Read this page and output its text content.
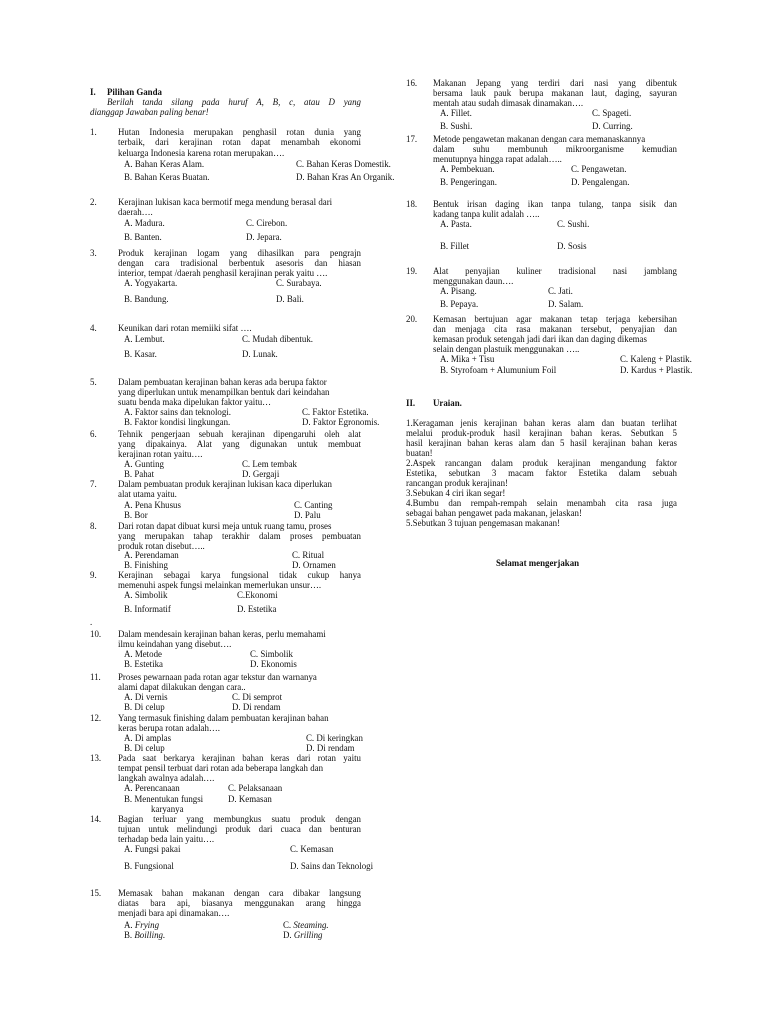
I. Pilihan Ganda
Berilah tanda silang pada huruf A, B, c, atau D yang
dianggap Jawaban paling benar!
1. Hutan Indonesia merupakan penghasil rotan dunia yang
terbaik, dari kerajinan rotan dapat menambah ekonomi
keluarga Indonesia karena rotan merupakan….
A. Bahan Keras Alam.	C. Bahan Keras Domestik.
B. Bahan Keras Buatan.	D. Bahan Kras An Organik.
2. Kerajinan lukisan kaca bermotif mega mendung berasal dari
daerah….
A. Madura.	C. Cirebon.
B. Banten.	D. Jepara.
3. Produk kerajinan logam yang dihasilkan para pengrajn
dengan cara tradisional berbentuk asesoris dan hiasan
interior, tempat /daerah penghasil kerajinan perak yaitu ….
A. Yogyakarta.	C. Surabaya.
B. Bandung.	D. Bali.
4. Keunikan dari rotan memiiki sifat ….
A. Lembut.	C. Mudah dibentuk.
B. Kasar.	D. Lunak.
5. Dalam pembuatan kerajinan bahan keras ada berupa faktor
yang diperlukan untuk menampilkan bentuk dari keindahan
suatu benda maka dipelukan faktor yaitu…
A. Faktor sains dan teknologi.	C. Faktor Estetika.
B. Faktor kondisi lingkungan.	D. Faktor Egronomis.
6. Tehnik pengerjaan sebuah kerajinan dipengaruhi oleh alat
yang dipakainya. Alat yang digunakan untuk membuat
kerajinan rotan yaitu….
A. Gunting	C. Lem tembak
B. Pahat	D. Gergaji
7. Dalam pembuatan produk kerajinan lukisan kaca diperlukan
alat utama yaitu.
A. Pena Khusus	C. Canting
B. Bor	D. Palu
8. Dari rotan dapat dibuat kursi meja untuk ruang tamu, proses
yang merupakan tahap terakhir dalam proses pembuatan
produk rotan disebut…..
A. Perendaman	C. Ritual
B. Finishing	D. Ornamen
9. Kerajinan sebagai karya fungsional tidak cukup hanya
memenuhi aspek fungsi melainkan memerlukan unsur….
A. Simbolik	C.Ekonomi
B. Informatif	D. Estetika
.
10. Dalam mendesain kerajinan bahan keras, perlu memahami
ilmu keindahan yang disebut….
A. Metode	C. Simbolik
B. Estetika	D. Ekonomis
11. Proses pewarnaan pada rotan agar tekstur dan warnanya
alami dapat dilakukan dengan cara..
A. Di vernis	C. Di semprot
B. Di celup	D. Di rendam
12. Yang termasuk finishing dalam pembuatan kerajinan bahan
keras berupa rotan adalah….
A. Di amplas	C. Di keringkan
B. Di celup	D. Di rendam
13. Pada saat berkarya kerajinan bahan keras dari rotan yaitu
tempat pensil terbuat dari rotan ada beberapa langkah dan
langkah awalnya adalah….
A. Perencanaan	C. Pelaksanaan
B. Menentukan fungsi	D. Kemasan
karyanya
14. Bagian terluar yang membungkus suatu produk dengan
tujuan untuk melindungi produk dari cuaca dan benturan
terhadap beda lain yaitu….
A. Fungsi pakai	C. Kemasan
B. Fungsional	D. Sains dan Teknologi
15. Memasak bahan makanan dengan cara dibakar langsung
diatas bara api, biasanya menggunakan arang hingga
menjadi bara api dinamakan….
A. Frying	C. Steaming.
B. Boilling.	D. Grilling
16. Makanan Jepang yang terdiri dari nasi yang dibentuk
bersama lauk pauk berupa makanan laut, daging, sayuran
mentah atau sudah dimasak dinamakan….
A. Fillet.	C. Spageti.
B. Sushi.	D. Curring.
17. Metode pengawetan makanan dengan cara memanaskannya
dalam suhu membunuh mikroorganisme kemudian
menutupnya hingga rapat adalah…..
A. Pembekuan.	C. Pengawetan.
B. Pengeringan.	D. Pengalengan.
18. Bentuk irisan daging ikan tanpa tulang, tanpa sisik dan
kadang tanpa kulit adalah …..
A. Pasta.	C. Sushi.
B. Fillet	D. Sosis
19. Alat penyajian kuliner tradisional nasi jamblang
menggunakan daun….
A. Pisang.	C. Jati.
B. Pepaya.	D. Salam.
20. Kemasan bertujuan agar makanan tetap terjaga kebersihan
dan menjaga cita rasa makanan tersebut, penyajian dan
kemasan produk setengah jadi dari ikan dan daging dikemas
selain dengan plastuik menggunakan …..
A. Mika + Tisu	C. Kaleng + Plastik.
B. Styrofoam + Alumunium Foil	D. Kardus + Plastik.
II. Uraian.
1.Keragaman jenis kerajinan bahan keras alam dan buatan terlihat
melalui produk-produk hasil kerajinan bahan keras. Sebutkan 5
hasil kerajinan bahan keras alam dan 5 hasil kerajinan bahan keras
buatan!
2.Aspek rancangan dalam produk kerajinan mengandung faktor
Estetika, sebutkan 3 macam faktor Estetika dalam sebuah
rancangan produk kerajinan!
3.Sebukan 4 ciri ikan segar!
4.Bumbu dan rempah-rempah selain menambah cita rasa juga
sebagai bahan pengawet pada makanan, jelaskan!
5.Sebutkan 3 tujuan pengemasan makanan!
Selamat mengerjakan
